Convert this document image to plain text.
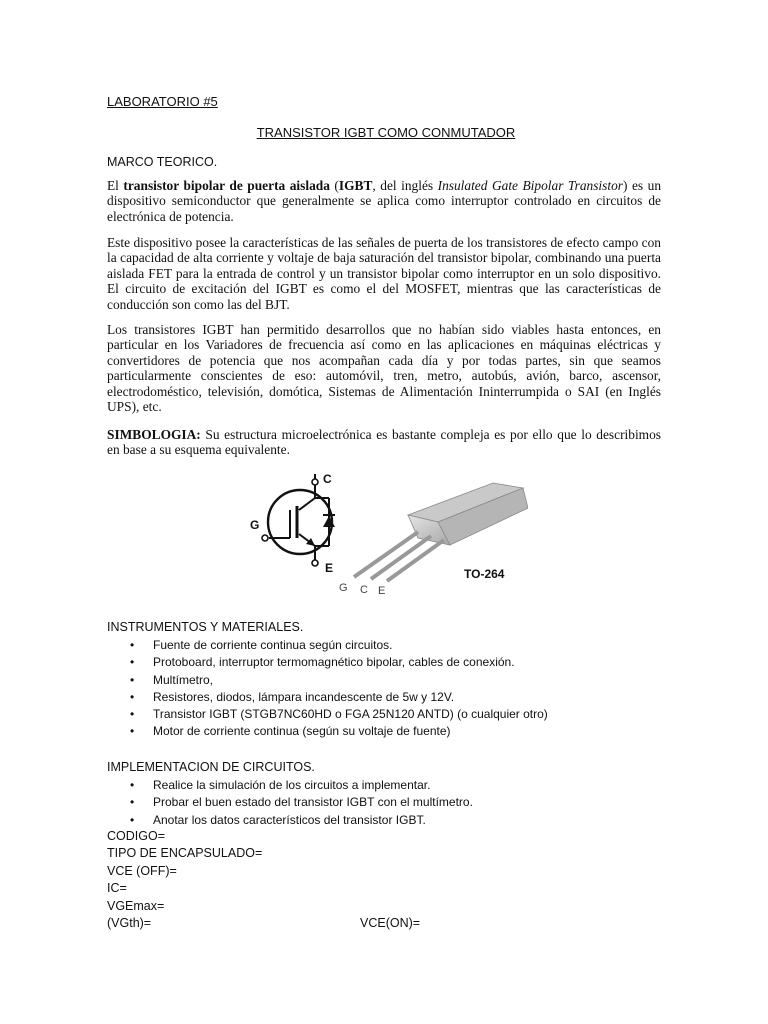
LABORATORIO #5
TRANSISTOR IGBT COMO CONMUTADOR
MARCO TEORICO.
El transistor bipolar de puerta aislada (IGBT, del inglés Insulated Gate Bipolar Transistor) es un dispositivo semiconductor que generalmente se aplica como interruptor controlado en circuitos de electrónica de potencia.
Este dispositivo posee la características de las señales de puerta de los transistores de efecto campo con la capacidad de alta corriente y voltaje de baja saturación del transistor bipolar, combinando una puerta aislada FET para la entrada de control y un transistor bipolar como interruptor en un solo dispositivo. El circuito de excitación del IGBT es como el del MOSFET, mientras que las características de conducción son como las del BJT.
Los transistores IGBT han permitido desarrollos que no habían sido viables hasta entonces, en particular en los Variadores de frecuencia así como en las aplicaciones en máquinas eléctricas y convertidores de potencia que nos acompañan cada día y por todas partes, sin que seamos particularmente conscientes de eso: automóvil, tren, metro, autobús, avión, barco, ascensor, electrodoméstico, televisión, domótica, Sistemas de Alimentación Ininterrumpida o SAI (en Inglés UPS), etc.
SIMBOLOGIA: Su estructura microelectrónica es bastante compleja es por ello que lo describimos en base a su esquema equivalente.
C
G
E
G C E
TO-264
INSTRUMENTOS Y MATERIALES.
• Fuente de corriente continua según circuitos.
• Protoboard, interruptor termomagnético bipolar, cables de conexión.
• Multímetro,
• Resistores, diodos, lámpara incandescente de 5w y 12V.
• Transistor IGBT (STGB7NC60HD o FGA 25N120 ANTD) (o cualquier otro)
• Motor de corriente continua (según su voltaje de fuente)
IMPLEMENTACION DE CIRCUITOS.
• Realice la simulación de los circuitos a implementar.
• Probar el buen estado del transistor IGBT con el multímetro.
• Anotar los datos característicos del transistor IGBT.
CODIGO=
TIPO DE ENCAPSULADO=
VCE (OFF)=
IC=
VGEmax=
(VGth)=	VCE(ON)=
